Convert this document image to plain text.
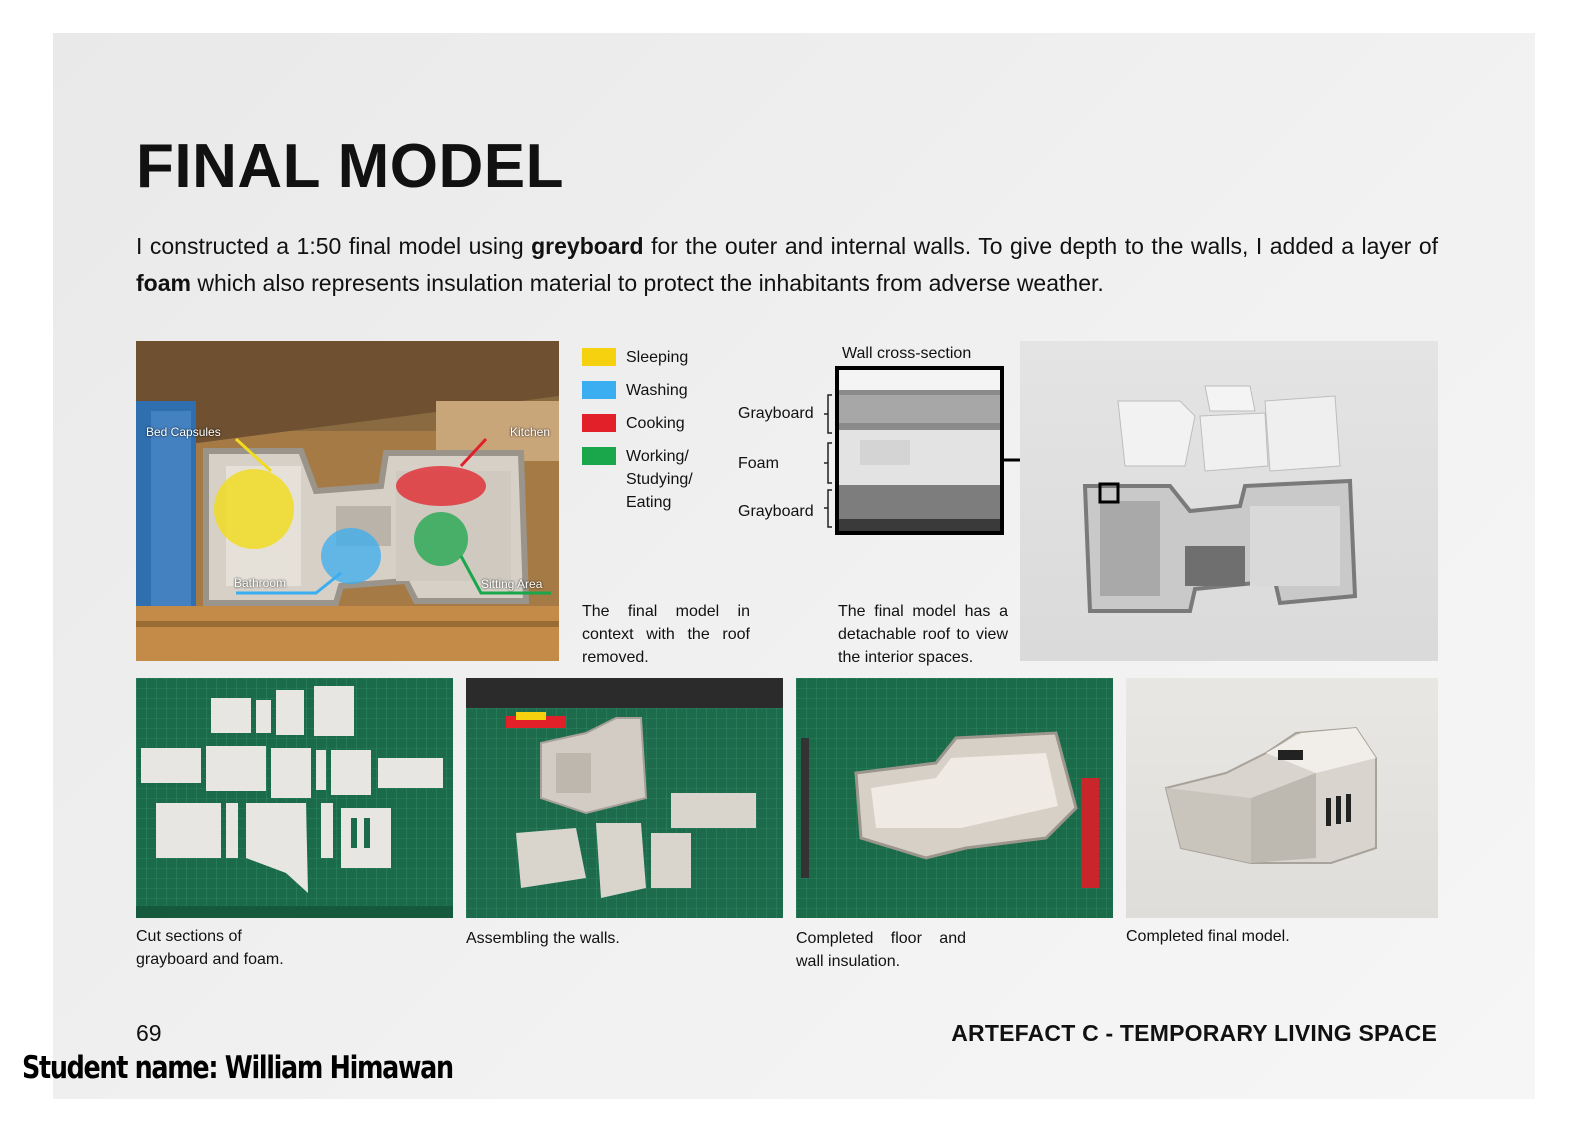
FINAL MODEL

I constructed a 1:50 final model using greyboard for the outer and internal walls. To give depth to the walls, I added a layer of foam which also represents insulation material to protect the inhabitants from adverse weather.

Bed Capsules	Kitchen
Bathroom	Sitting Area
Sleeping
Washing
Cooking
Working/
Studying/
Eating

The final model in context with the roof removed.

Wall cross-section
Grayboard
Foam
Grayboard

The final model has a detachable roof to view the interior spaces.

Cut sections of grayboard and foam.

Assembling the walls.	Completed floor and wall insulation.

Completed final model.

69	ARTEFACT C - TEMPORARY LIVING SPACE
Student name: William Himawan
